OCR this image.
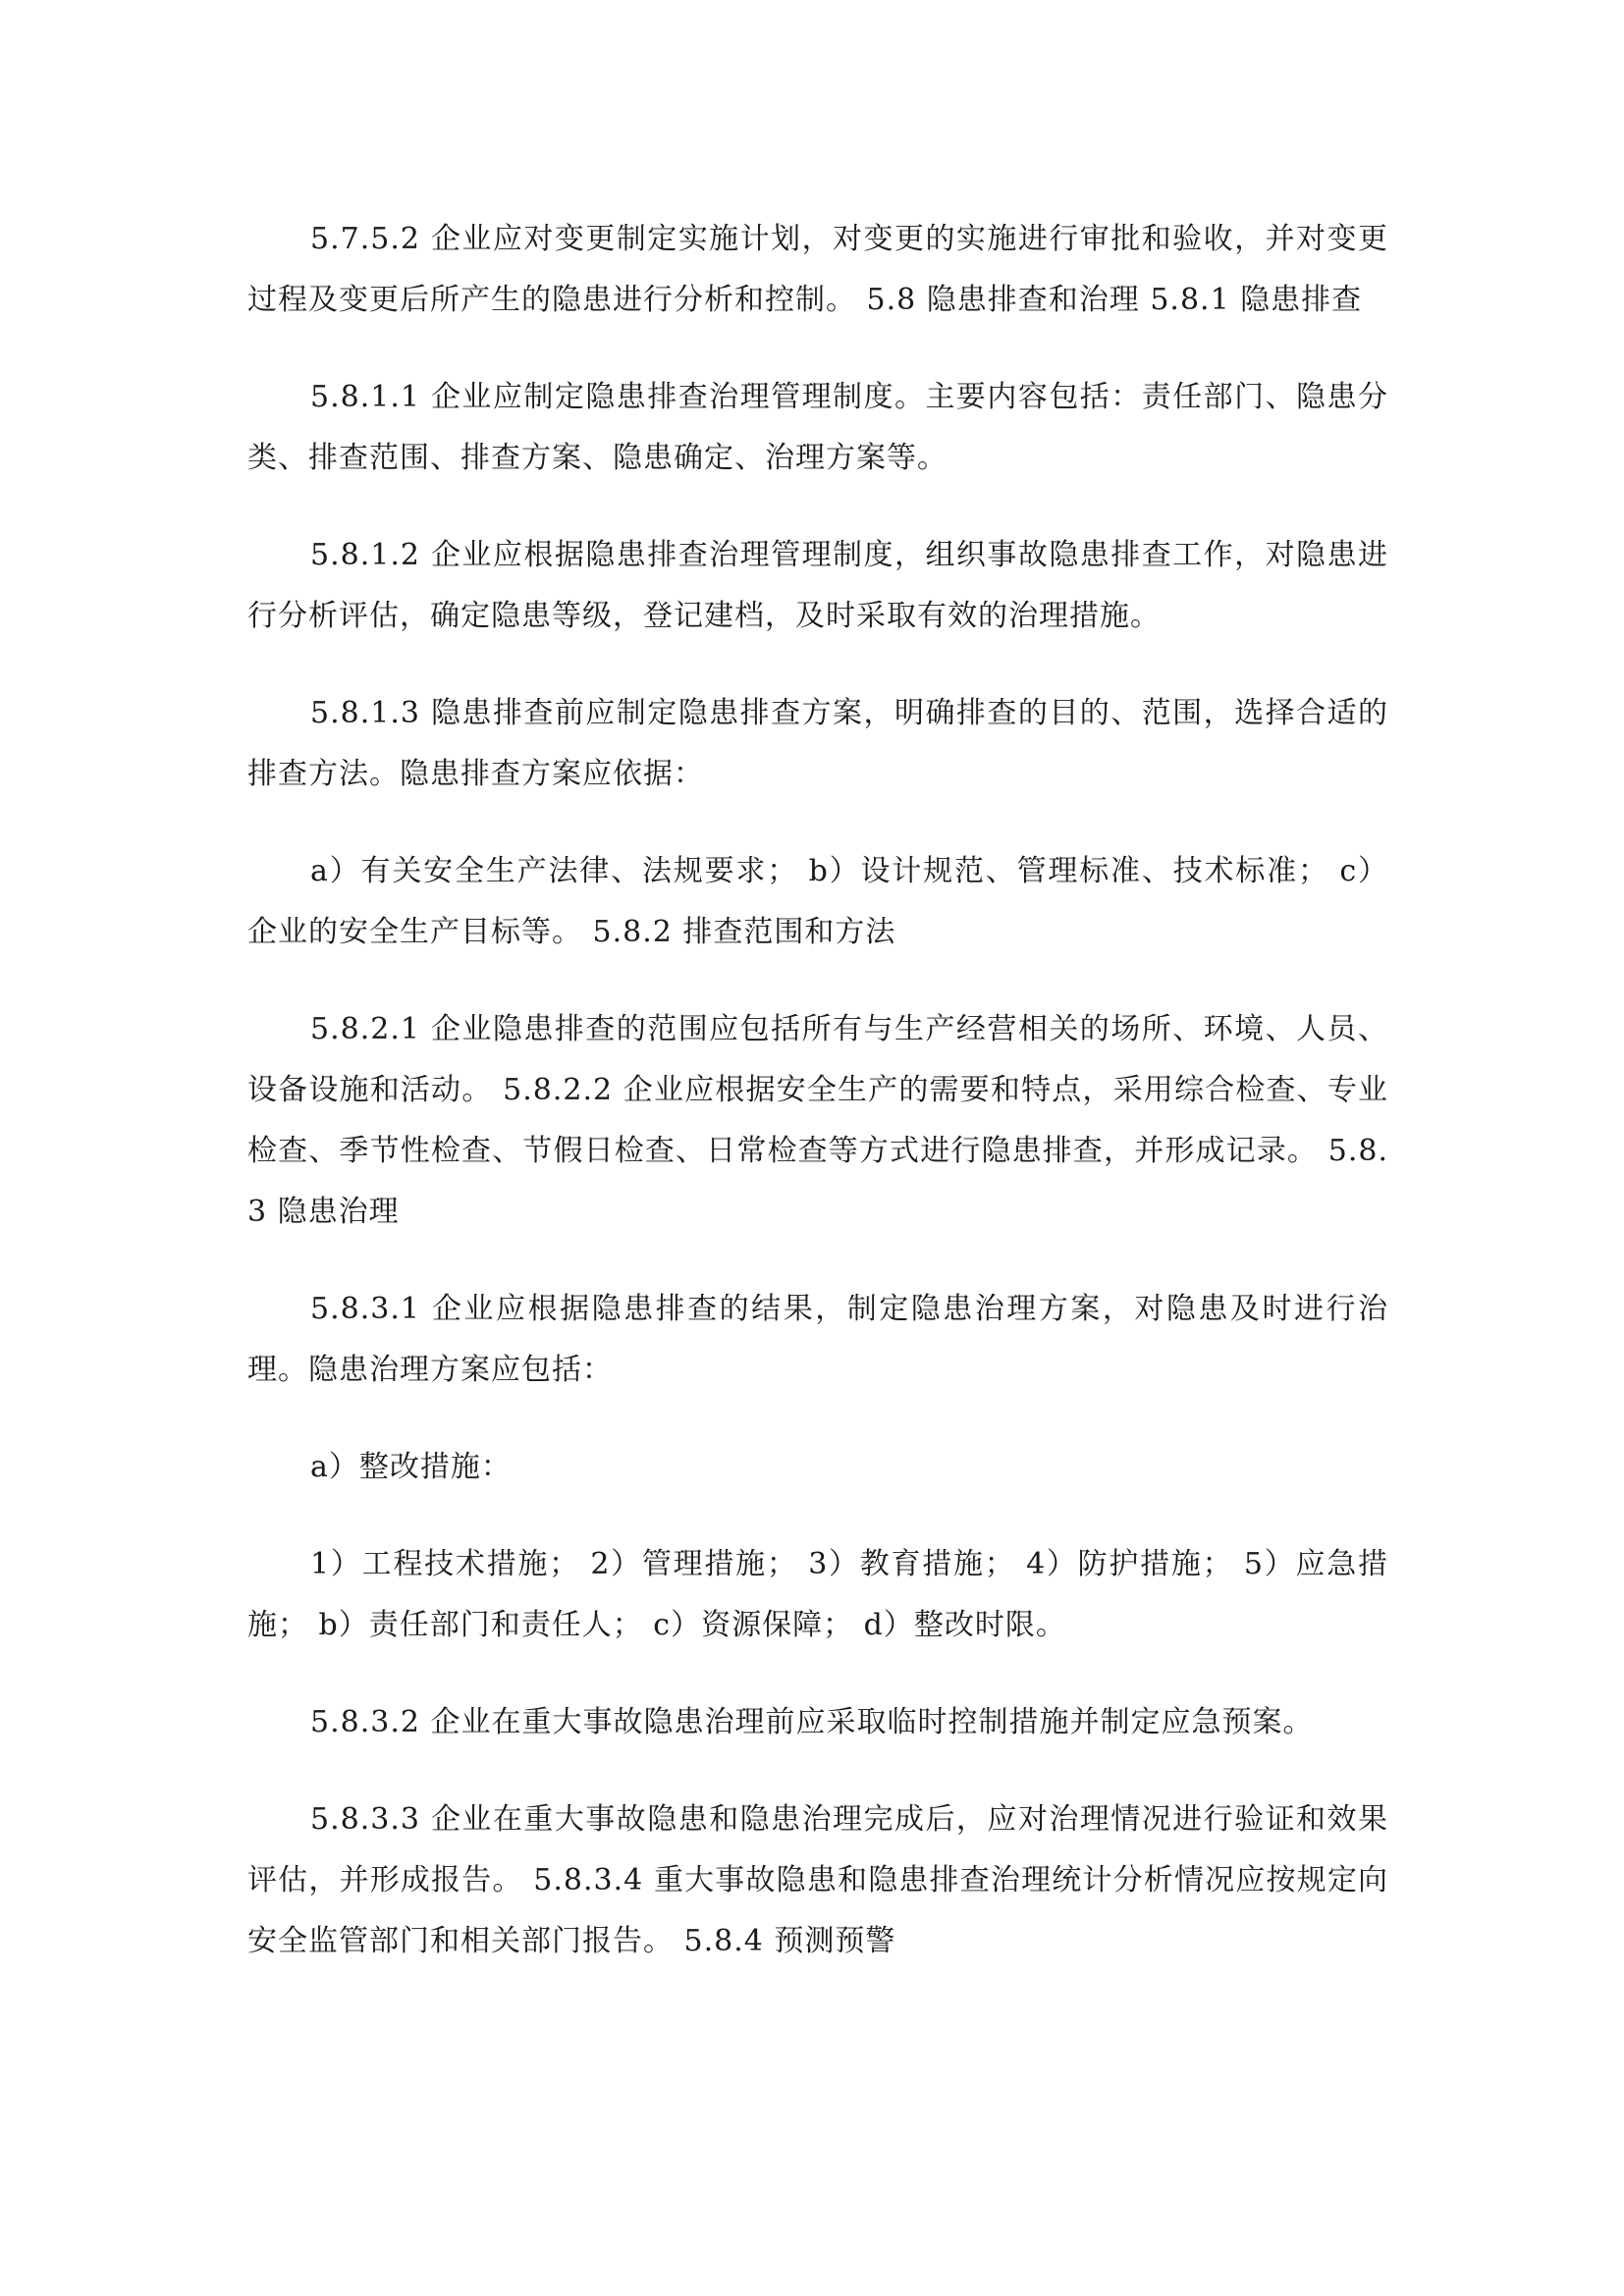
5.7.5.2 企业应对变更制定实施计划，对变更的实施进行审批和验收，并对变更过程及变更后所产生的隐患进行分析和控制。 5.8 隐患排查和治理 5.8.1 隐患排查

5.8.1.1 企业应制定隐患排查治理管理制度。主要内容包括：责任部门、隐患分类、排查范围、排查方案、隐患确定、治理方案等。

5.8.1.2 企业应根据隐患排查治理管理制度，组织事故隐患排查工作，对隐患进行分析评估，确定隐患等级，登记建档，及时采取有效的治理措施。

5.8.1.3 隐患排查前应制定隐患排查方案，明确排查的目的、范围，选择合适的排查方法。隐患排查方案应依据：

a）有关安全生产法律、法规要求； b）设计规范、管理标准、技术标准； c）企业的安全生产目标等。 5.8.2 排查范围和方法

5.8.2.1 企业隐患排查的范围应包括所有与生产经营相关的场所、环境、人员、设备设施和活动。 5.8.2.2 企业应根据安全生产的需要和特点，采用综合检查、专业检查、季节性检查、节假日检查、日常检查等方式进行隐患排查，并形成记录。 5.8.3 隐患治理

5.8.3.1 企业应根据隐患排查的结果，制定隐患治理方案，对隐患及时进行治理。隐患治理方案应包括：

a）整改措施：

1）工程技术措施； 2）管理措施； 3）教育措施； 4）防护措施； 5）应急措施； b）责任部门和责任人； c）资源保障； d）整改时限。

5.8.3.2 企业在重大事故隐患治理前应采取临时控制措施并制定应急预案。

5.8.3.3 企业在重大事故隐患和隐患治理完成后，应对治理情况进行验证和效果评估，并形成报告。 5.8.3.4 重大事故隐患和隐患排查治理统计分析情况应按规定向安全监管部门和相关部门报告。 5.8.4 预测预警
